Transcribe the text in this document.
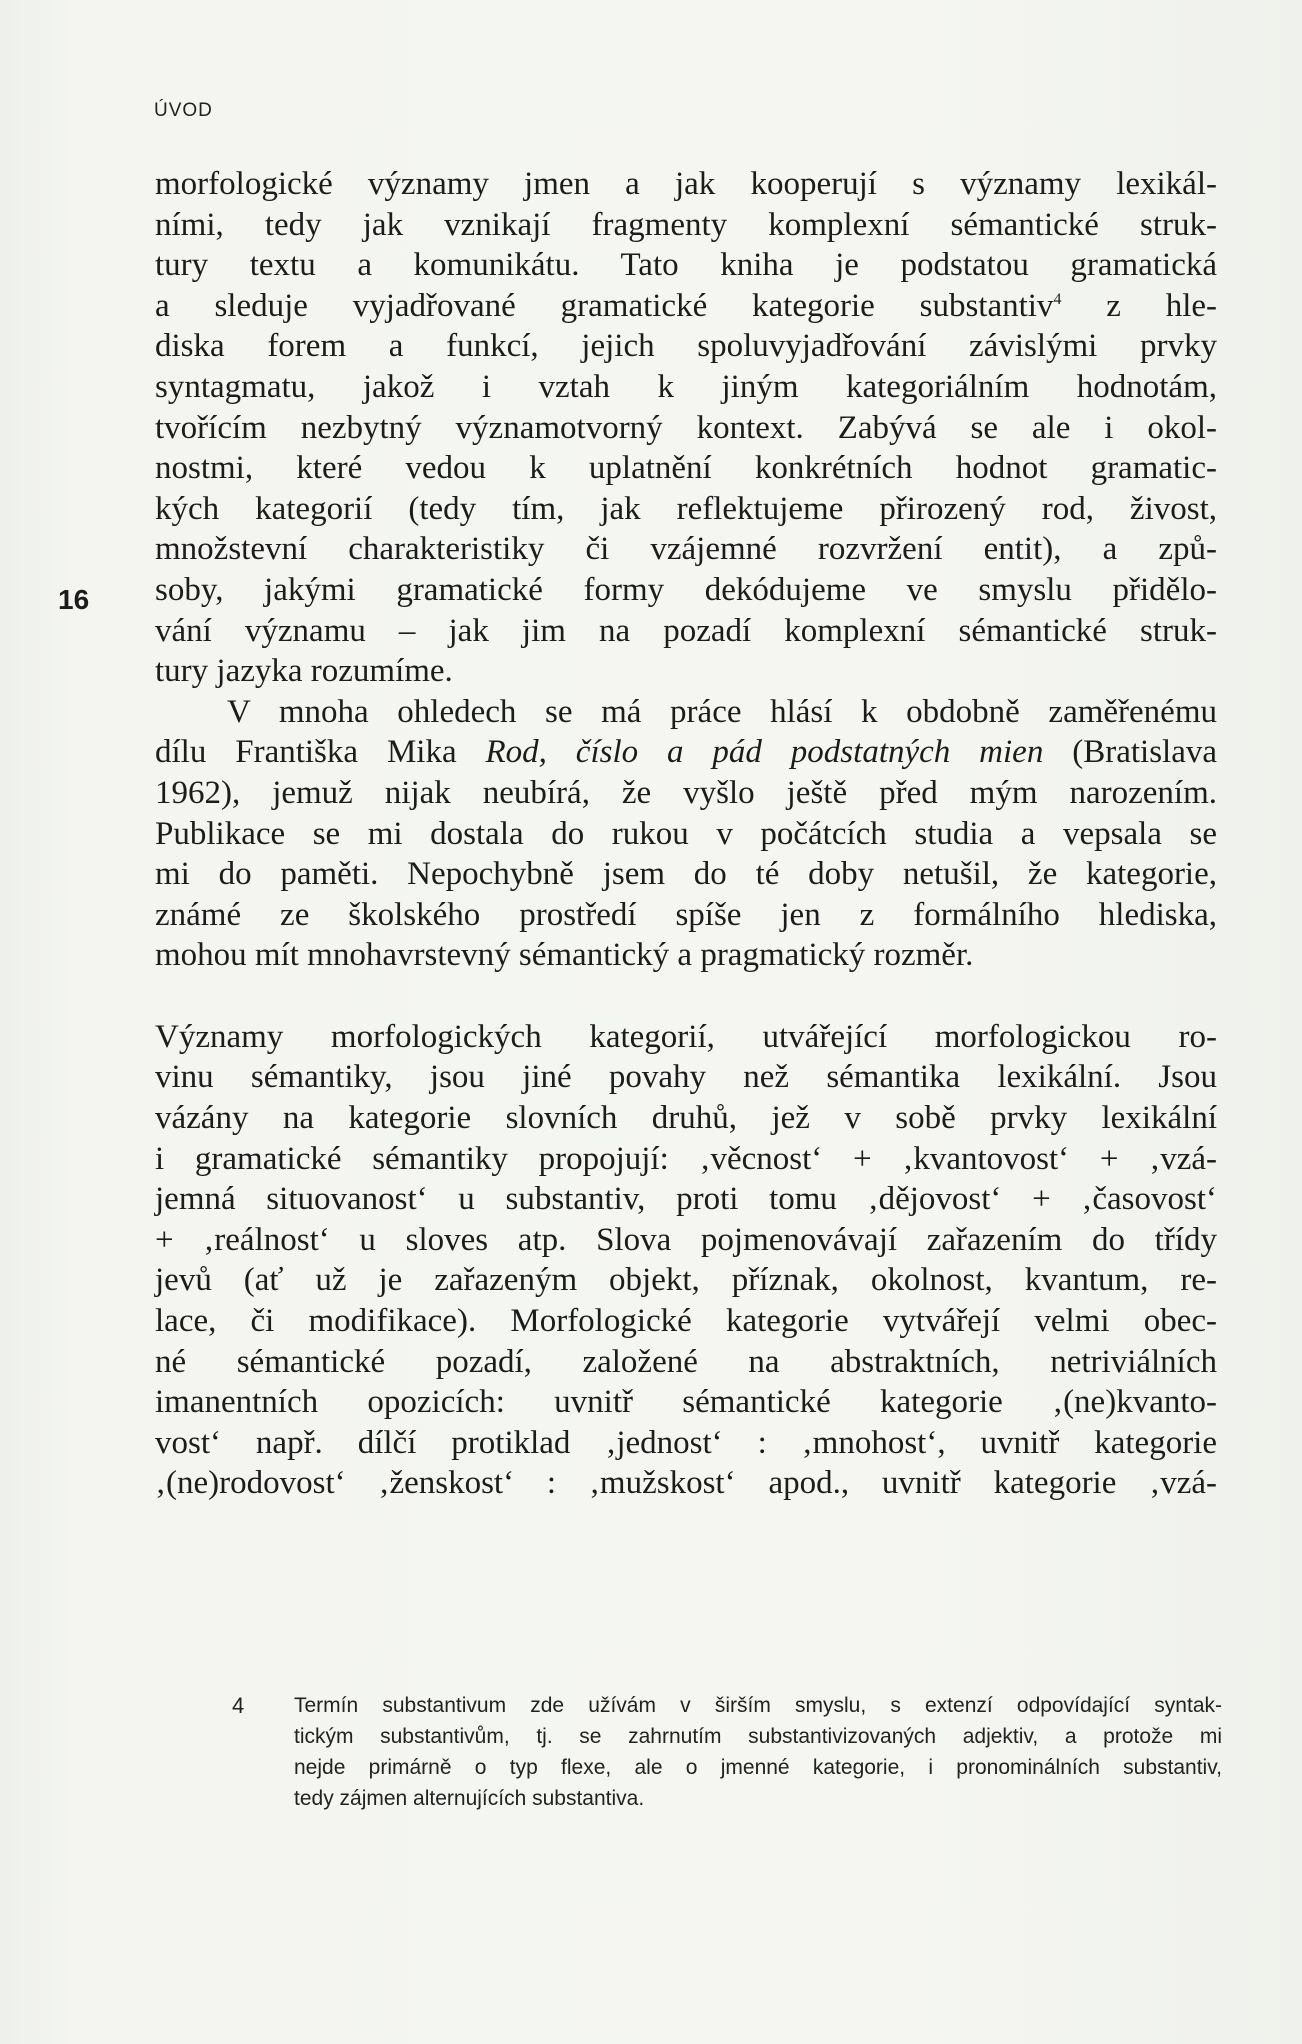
ÚVOD
16
morfologické významy jmen a jak kooperují s významy lexikál-
ními, tedy jak vznikají fragmenty komplexní sémantické struk-
tury textu a komunikátu. Tato kniha je podstatou gramatická
a sleduje vyjadřované gramatické kategorie substantiv$^4$ z hle-
diska forem a funkcí, jejich spoluvyjadřování závislými prvky
syntagmatu, jakož i vztah k jiným kategoriálním hodnotám,
tvořícím nezbytný významotvorný kontext. Zabývá se ale i okol-
nostmi, které vedou k uplatnění konkrétních hodnot gramatic-
kých kategorií (tedy tím, jak reflektujeme přirozený rod, živost,
množstevní charakteristiky či vzájemné rozvržení entit), a způ-
soby, jakými gramatické formy dekódujeme ve smyslu přidělo-
vání významu – jak jim na pozadí komplexní sémantické struk-
tury jazyka rozumíme.
V mnoha ohledech se má práce hlásí k obdobně zaměřenému
dílu Františka Mika Rod, číslo a pád podstatných mien (Bratislava
1962), jemuž nijak neubírá, že vyšlo ještě před mým narozením.
Publikace se mi dostala do rukou v počátcích studia a vepsala se
mi do paměti. Nepochybně jsem do té doby netušil, že kategorie,
známé ze školského prostředí spíše jen z formálního hlediska,
mohou mít mnohavrstevný sémantický a pragmatický rozměr.
Významy morfologických kategorií, utvářející morfologickou ro-
vinu sémantiky, jsou jiné povahy než sémantika lexikální. Jsou
vázány na kategorie slovních druhů, jež v sobě prvky lexikální
i gramatické sémantiky propojují: ‚věcnost‘ + ‚kvantovost‘ + ‚vzá-
jemná situovanost‘ u substantiv, proti tomu ‚dějovost‘ + ‚časovost‘
+ ‚reálnost‘ u sloves atp. Slova pojmenovávají zařazením do třídy
jevů (ať už je zařazeným objekt, příznak, okolnost, kvantum, re-
lace, či modifikace). Morfologické kategorie vytvářejí velmi obec-
né sémantické pozadí, založené na abstraktních, netriviálních
imanentních opozicích: uvnitř sémantické kategorie ‚(ne)kvanto-
vost‘ např. dílčí protiklad ‚jednost‘ : ‚mnohost‘, uvnitř kategorie
‚(ne)rodovost‘ ‚ženskost‘ : ‚mužskost‘ apod., uvnitř kategorie ‚vzá-
4 Termín substantivum zde užívám v širším smyslu, s extenzí odpovídající syntak-
tickým substantivům, tj. se zahrnutím substantivizovaných adjektiv, a protože mi
nejde primárně o typ flexe, ale o jmenné kategorie, i pronominálních substantiv,
tedy zájmen alternujících substantiva.
